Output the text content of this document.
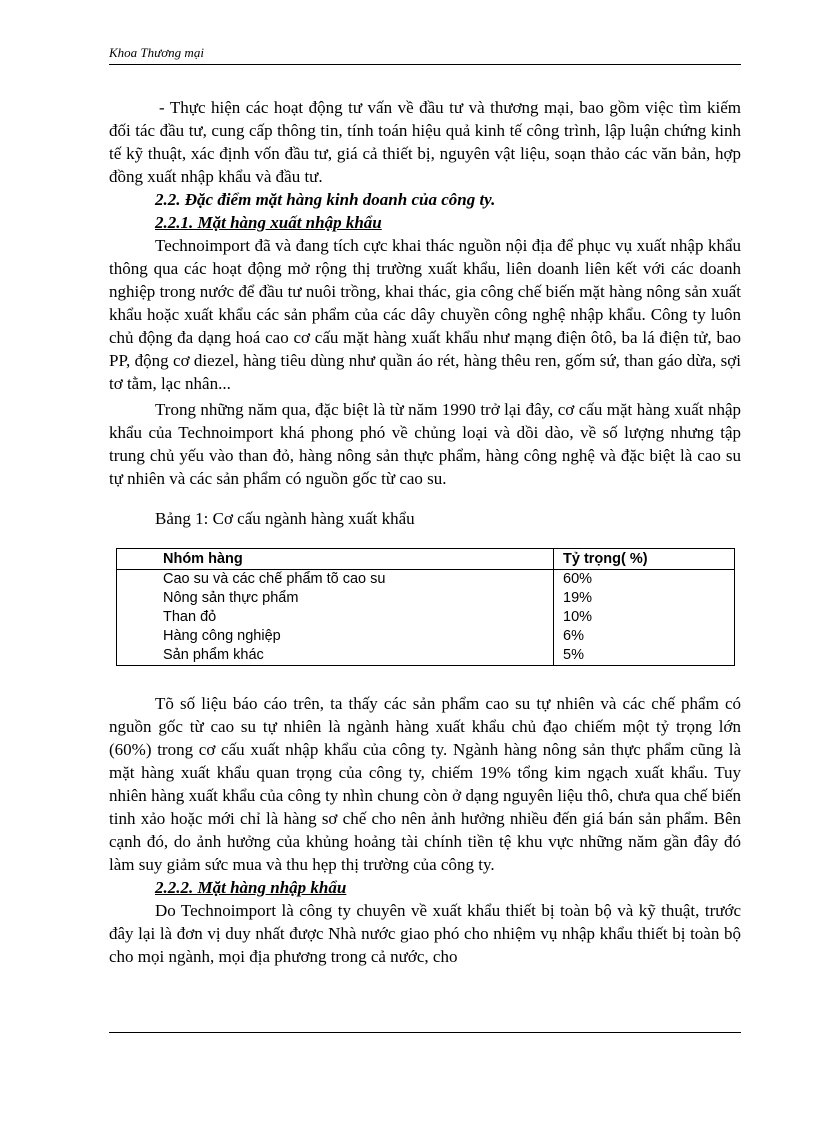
Khoa Thương mại

- Thực hiện các hoạt động tư vấn về đầu tư và thương mại, bao gồm việc tìm kiếm đối tác đầu tư, cung cấp thông tin, tính toán hiệu quả kinh tế công trình, lập luận chứng kinh tế kỹ thuật, xác định vốn đầu tư, giá cả thiết bị, nguyên vật liệu, soạn thảo các văn bản, hợp đồng xuất nhập khẩu và đầu tư.

2.2. Đặc điểm mặt hàng kinh doanh của công ty.
2.2.1. Mặt hàng xuất nhập khẩu

Technoimport đã và đang tích cực khai thác nguồn nội địa để phục vụ xuất nhập khẩu thông qua các hoạt động mở rộng thị trường xuất khẩu, liên doanh liên kết với các doanh nghiệp trong nước để đầu tư nuôi trồng, khai thác, gia công chế biến mặt hàng nông sản xuất khẩu hoặc xuất khẩu các sản phẩm của các dây chuyền công nghệ nhập khẩu. Công ty luôn chủ động đa dạng hoá cao cơ cấu mặt hàng xuất khẩu như mạng điện ôtô, ba lá điện tử, bao PP, động cơ diezel, hàng tiêu dùng như quần áo rét, hàng thêu ren, gốm sứ, than gáo dừa, sợi tơ tằm, lạc nhân...

Trong những năm qua, đặc biệt là từ năm 1990 trở lại đây, cơ cấu mặt hàng xuất nhập khẩu của Technoimport khá phong phó về chủng loại và dồi dào, về số lượng nhưng tập trung chủ yếu vào than đỏ, hàng nông sản thực phẩm, hàng công nghệ và đặc biệt là cao su tự nhiên và các sản phẩm có nguồn gốc từ cao su.

Bảng 1: Cơ cấu ngành hàng xuất khẩu
Nhóm hàng	Tỷ trọng( %)
Cao su và các chế phẩm tõ cao su	60%
Nông sản thực phẩm	19%
Than đỏ	10%
Hàng công nghiệp	6%
Sản phẩm khác	5%

Tõ số liệu báo cáo trên, ta thấy các sản phẩm cao su tự nhiên và các chế phẩm có nguồn gốc từ cao su tự nhiên là ngành hàng xuất khẩu chủ đạo chiếm một tỷ trọng lớn (60%) trong cơ cấu xuất nhập khẩu của công ty. Ngành hàng nông sản thực phẩm cũng là mặt hàng xuất khẩu quan trọng của công ty, chiếm 19% tổng kim ngạch xuất khẩu. Tuy nhiên hàng xuất khẩu của công ty nhìn chung còn ở dạng nguyên liệu thô, chưa qua chế biến tinh xảo hoặc mới chỉ là hàng sơ chế cho nên ảnh hưởng nhiều đến giá bán sản phẩm. Bên cạnh đó, do ảnh hưởng của khủng hoảng tài chính tiền tệ khu vực những năm gần đây đó làm suy giảm sức mua và thu hẹp thị trường của công ty.

2.2.2. Mặt hàng nhập khẩu

Do Technoimport là công ty chuyên về xuất khẩu thiết bị toàn bộ và kỹ thuật, trước đây lại là đơn vị duy nhất được Nhà nước giao phó cho nhiệm vụ nhập khẩu thiết bị toàn bộ cho mọi ngành, mọi địa phương trong cả nước, cho
